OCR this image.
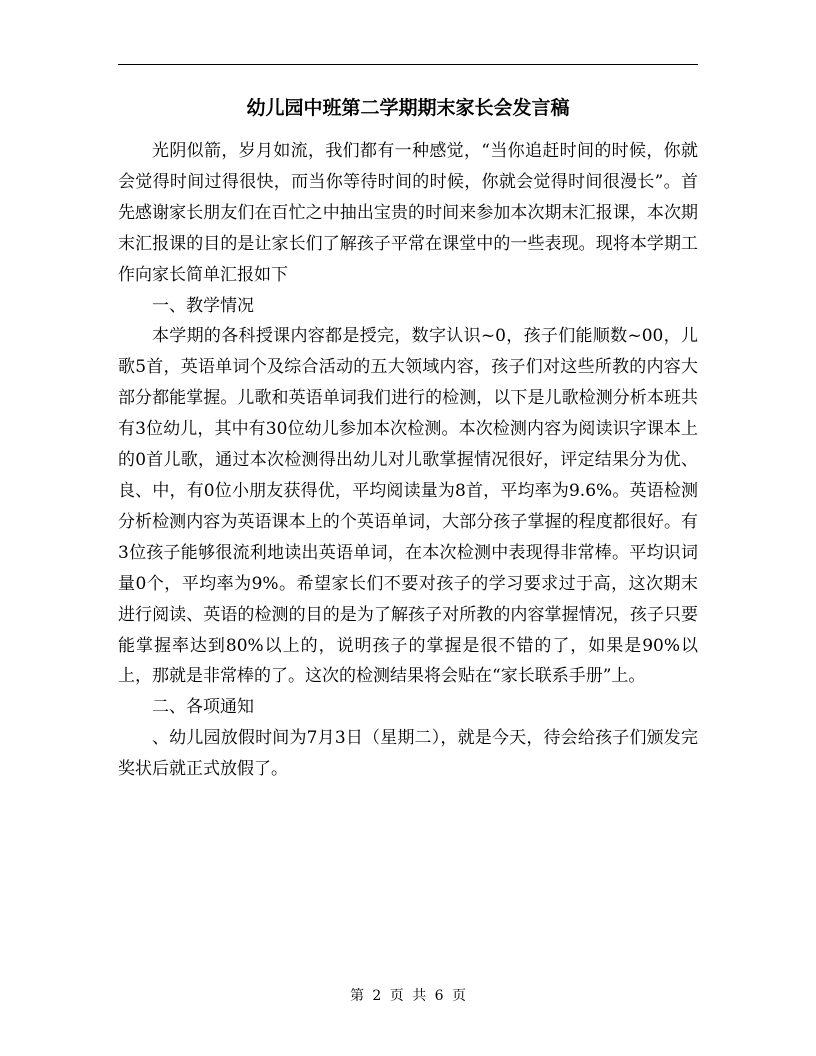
幼儿园中班第二学期期末家长会发言稿

光阴似箭，岁月如流，我们都有一种感觉，“当你追赶时间的时候，你就会觉得时间过得很快，而当你等待时间的时候，你就会觉得时间很漫长”。首先感谢家长朋友们在百忙之中抽出宝贵的时间来参加本次期末汇报课，本次期末汇报课的目的是让家长们了解孩子平常在课堂中的一些表现。现将本学期工作向家长简单汇报如下

一、教学情况

本学期的各科授课内容都是授完，数字认识~0，孩子们能顺数~00，儿歌5首，英语单词个及综合活动的五大领域内容，孩子们对这些所教的内容大部分都能掌握。儿歌和英语单词我们进行的检测，以下是儿歌检测分析本班共有3位幼儿，其中有30位幼儿参加本次检测。本次检测内容为阅读识字课本上的0首儿歌，通过本次检测得出幼儿对儿歌掌握情况很好，评定结果分为优、良、中，有0位小朋友获得优，平均阅读量为8首，平均率为9.6%。英语检测分析检测内容为英语课本上的个英语单词，大部分孩子掌握的程度都很好。有3位孩子能够很流利地读出英语单词，在本次检测中表现得非常棒。平均识词量0个，平均率为9%。希望家长们不要对孩子的学习要求过于高，这次期末进行阅读、英语的检测的目的是为了解孩子对所教的内容掌握情况，孩子只要能掌握率达到80%以上的，说明孩子的掌握是很不错的了，如果是90%以上，那就是非常棒的了。这次的检测结果将会贴在“家长联系手册”上。

二、各项通知

、幼儿园放假时间为7月3日（星期二），就是今天，待会给孩子们颁发完奖状后就正式放假了。

第 2 页 共 6 页
